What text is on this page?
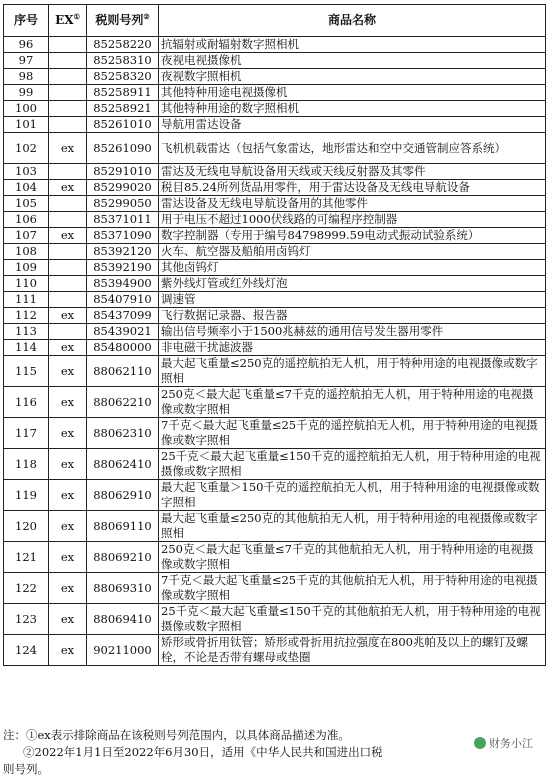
序号	EX①	税则号列②	商品名称
96		85258220	抗辐射或耐辐射数字照相机
97		85258310	夜视电视摄像机
98		85258320	夜视数字照相机
99		85258911	其他特种用途电视摄像机
100		85258921	其他特种用途的数字照相机
101		85261010	导航用雷达设备
102	ex	85261090	飞机机载雷达（包括气象雷达，地形雷达和空中交通管制应答系统）
103		85291010	雷达及无线电导航设备用天线或天线反射器及其零件
104	ex	85299020	税目85.24所列货品用零件，用于雷达设备及无线电导航设备
105		85299050	雷达设备及无线电导航设备用的其他零件
106		85371011	用于电压不超过1000伏线路的可编程序控制器
107	ex	85371090	数字控制器（专用于编号84798999.59电动式振动试验系统）
108		85392120	火车、航空器及船舶用卤钨灯
109		85392190	其他卤钨灯
110		85394900	紫外线灯管或红外线灯泡
111		85407910	调速管
112	ex	85437099	飞行数据记录器、报告器
113		85439021	输出信号频率小于1500兆赫兹的通用信号发生器用零件
114	ex	85480000	非电磁干扰滤波器
115	ex	88062110	最大起飞重量≤250克的遥控航拍无人机，用于特种用途的电视摄像或数字照相
116	ex	88062210	250克＜最大起飞重量≤7千克的遥控航拍无人机，用于特种用途的电视摄像或数字照相
117	ex	88062310	7千克＜最大起飞重量≤25千克的遥控航拍无人机，用于特种用途的电视摄像或数字照相
118	ex	88062410	25千克＜最大起飞重量≤150千克的遥控航拍无人机，用于特种用途的电视摄像或数字照相
119	ex	88062910	最大起飞重量＞150千克的遥控航拍无人机，用于特种用途的电视摄像或数字照相
120	ex	88069110	最大起飞重量≤250克的其他航拍无人机，用于特种用途的电视摄像或数字照相
121	ex	88069210	250克＜最大起飞重量≤7千克的其他航拍无人机，用于特种用途的电视摄像或数字照相
122	ex	88069310	7千克＜最大起飞重量≤25千克的其他航拍无人机，用于特种用途的电视摄像或数字照相
123	ex	88069410	25千克＜最大起飞重量≤150千克的其他航拍无人机，用于特种用途的电视摄像或数字照相
124	ex	90211000	矫形或骨折用钛管；矫形或骨折用抗拉强度在800兆帕及以上的螺钉及螺栓，不论是否带有螺母或垫圈
注：①ex表示排除商品在该税则号列范围内，以具体商品描述为准。
②2022年1月1日至2022年6月30日，适用《中华人民共和国进出口税
则号列。
财务小江
